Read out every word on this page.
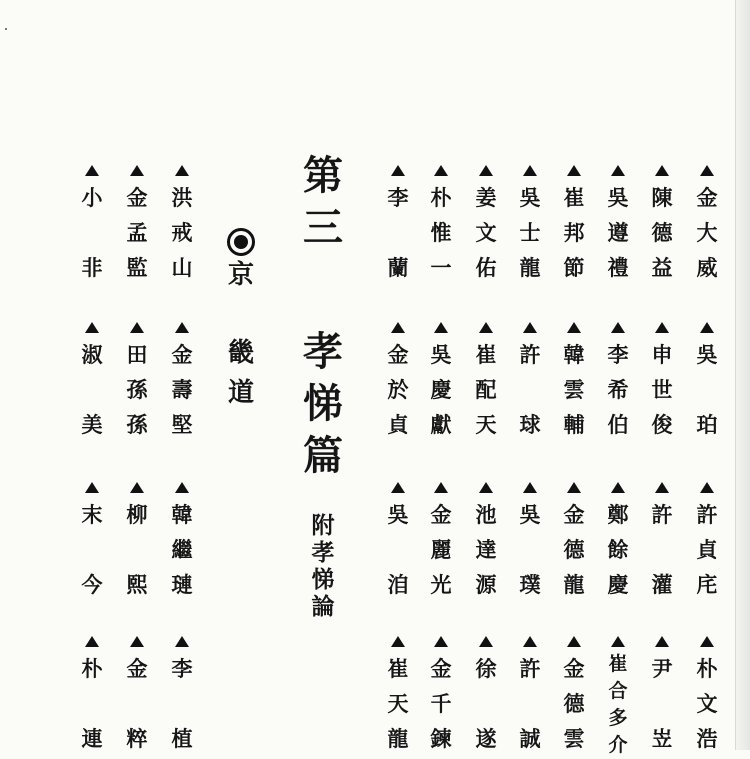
第
三
孝
悌
篇
附
孝
悌
論
京
畿
道
金
大
威
吳
珀
許
貞
㡯
朴
文
浩
陳
德
益
申
世
俊
許
灌
尹
岦
吳
遵
禮
李
希
伯
鄭
餘
慶
崔
合
多
介
崔
邦
節
韓
雲
輔
金
德
龍
金
德
雲
吳
士
龍
許
球
吳
璞
許
誠
姜
文
佑
崔
配
天
池
達
源
徐
遂
朴
惟
一
吳
慶
獻
金
麗
光
金
千
鍊
李
蘭
金
於
貞
吳
洎
崔
天
龍
洪
戒
山
金
壽
堅
韓
繼
璉
李
植
金
孟
監
田
孫
孫
柳
熙
金
粹
小
非
淑
美
末
今
朴
連
